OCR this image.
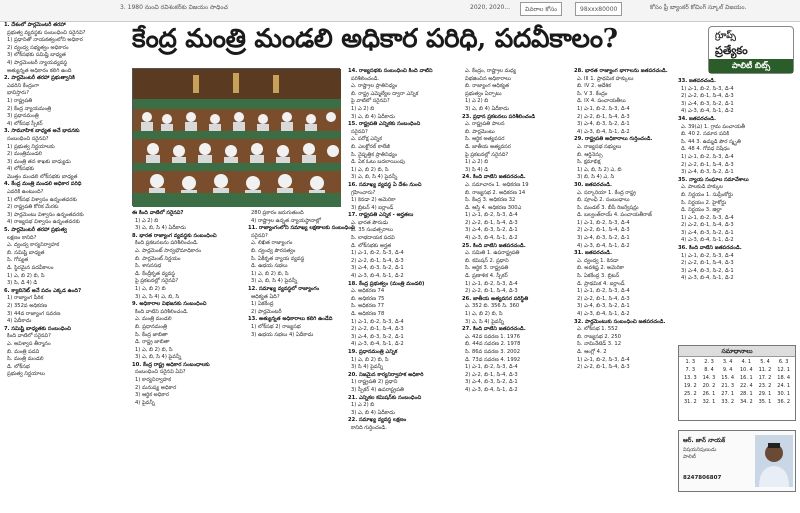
3. 1980 నుంచి రవిశంకర్‌కు విజయం సాధించ	2020, 2020...	వివరాల కోసం	98xxx80000	కోసం ఫ్రీ బ్యాంకర్ కోచింగ్ స్కూల్ విజయం.
కేంద్ర మంత్రి మండలి అధికార పరిధి, పదవీకాలం?	గ్రూప్స్
ప్రత్యేకం
పాలిటీ బిట్స్

1. దేశంలో పార్లమెంటరీ తరహా

ప్రభుత్వ వ్యవస్థకు సంబంధించి సరైనవి?

1) ప్రధానితో నాయకత్వంలోని అధికార

2) ద్వంద్వ సభ్యత్వం అధికారం

3) లోక్‌సభకు సమిష్టి బాధ్యత

4) పార్లమెంటరీ న్యాయవ్యవస్థ

అత్యున్నత అధికారం కలిగి ఉంది

2. పార్లమెంటరీ తరహా ప్రభుత్వానికి

ఎవరిని కేంద్రంగా

భావిస్తారు?

1) రాష్ట్రపతి

2) కేంద్ర న్యాయమంత్రి

3) ప్రధానమంత్రి

4) లోక్‌సభ స్పీకర్

3. సామూహిక బాధ్యత అనే భావనకు

సంబంధించి సరైనవి?

1) ప్రభుత్వ నిర్ణయాలకు

2) మంత్రిమండలి

3) మంత్రి తన శాఖకు బాధ్యుడు

4) లోక్‌సభకు

మొత్తం మండలి లోక్‌సభకు బాధ్యత

4. కేంద్ర మంత్రి మండలి అధికార పరిధి

ఎవరికి ఉంటుంది?

1) లోక్‌సభ విశ్వాసం ఉన్నంతవరకు

2) రాష్ట్రపతి కోరిక మేరకు

3) పార్లమెంటు విశ్వాసం ఉన్నంతవరకు

4) రాజ్యసభ విశ్వాసం ఉన్నంతవరకు

5. పార్లమెంటరీ తరహా ప్రభుత్వ

లక్షణం కానిది?

ఎ. ద్వంద్వ కార్యనిర్వాహక

బి. సమిష్టి బాధ్యత

సి. గోప్యత

డి. స్థిరమైన పదవీకాలం

1) ఎ, బి 2) బి, సి

3) సి, డి 4) డి

6. క్యాబినెట్ అనే పదం ఎక్కడ ఉంది?

1) రాజ్యాంగ పీఠిక

2) 352వ అధికరణ

3) 44వ రాజ్యాంగ సవరణ

4) ఏదీకాదు

7. సమిష్టి బాధ్యతకు సంబంధించి

కింది వాటిలో సరైనవి?

ఎ. అవిశ్వాస తీర్మానం

బి. మంత్రి పదవి

సి. మంత్రి మండలి

డి. లోక్‌సభ

ప్రభుత్వ నిర్ణయాలు

ఈ కింది వాటిలో సరైనవి?

1) ఎ 2) బి

3) ఎ, బి, సి 4) ఏదీకాదు

8. భారత రాజ్యాంగ వ్యవస్థకు సంబంధించి

కింది ప్రకటనలను పరిశీలించండి.

ఎ. పార్లమెంట్ సార్వభౌమాధికారం

బి. పార్లమెంట్ నిర్ణయం

సి. శాసనసభ

డి. కేంద్రీకృత వ్యవస్థ

పై ప్రకటనల్లో సరైనవి?

1) ఎ, బి 2) బి

3) ఎ, సి 4) ఎ, బి, సి

9. అధికారాల విభజనకు సంబంధించి

కింది వాటిని పరిశీలించండి.

ఎ. మంత్రి మండలి

బి. ప్రధానమంత్రి

సి. కేంద్ర జాబితా

డి. రాష్ట్ర జాబితా

1) ఎ, బి 2) బి, సి

3) ఎ, బి, సి 4) పైవన్నీ

10. కేంద్ర రాష్ట్ర అధికార సంబంధాలకు

సంబంధించి సరైనవి ఏవి?

1) కార్యనిర్వాహక

2) మనుష్య అధికార

3) ఆర్థిక అధికార

4) పైవన్నీ

280 ప్రకారం జరుగుతుంది

4) రాష్ట్రాల ఉన్నత న్యాయస్థానాల్లో

11. రాజ్యాంగంలోని సమాఖ్య లక్షణాలకు సంబంధించి

సరైనవి?

ఎ. లిఖిత రాజ్యాంగం

బి. ద్వంద్వ పౌరసత్వం

సి. ఏకీకృత న్యాయ వ్యవస్థ

డి. ఉభయ సభలు

1) ఎ, బి 2) బి, సి

3) ఎ, బి, సి 4) పైవన్నీ

12. సమాఖ్య వ్యవస్థలో రాజ్యాంగం

ఆధిక్యత ఏది?

1) ఏకకేంద్ర

2) పార్లమెంటరీ

13. అత్యున్నత అధికారాలు కలిగి ఉండేది

1) లోక్‌సభ 2) రాజ్యసభ

3) ఉభయ సభలు 4) ఏదీకాదు

14. రాజ్యసభకు సంబంధించి కింది వాటిని

పరిశీలించండి.

ఎ. రాష్ట్రాల ప్రాతినిధ్యం

బి. రాష్ట్ర ఎమ్మెల్యేల ద్వారా ఎన్నిక

పై వాటిలో సరైనవి?

1) ఎ 2) బి

3) ఎ, బి 4) ఏదీకాదు

15. రాష్ట్రపతి ఎన్నికకు సంబంధించి

సరైనవి?

ఎ. పరోక్ష ఎన్నిక

బి. ఎలక్టోరల్ కాలేజీ

సి. నైష్పత్తిక ప్రాతినిధ్యం

డి. ఏక ఓటు బదలాయింపు

1) ఎ, బి 2) బి, సి

3) ఎ, బి, సి 4) పైవన్నీ

16. సమాఖ్య వ్యవస్థ ఏ దేశం నుంచి

గ్రహించారు?

1) కెనడా 2) అమెరికా

3) బ్రిటన్ 4) ఐర్లాండ్

17. రాష్ట్రపతి ఎన్నిక - అర్హతలు

ఎ. భారత పౌరుడు

బి. 35 సంవత్సరాలు

సి. లాభదాయక పదవి

డి. లోక్‌సభకు అర్హత

1) ఎ-1, బి-2, సి-3, డి-4

2) ఎ-2, బి-1, సి-4, డి-3

3) ఎ-4, బి-3, సి-2, డి-1

4) ఎ-3, బి-4, సి-1, డి-2

18. కేంద్ర ప్రభుత్వం (మంత్రి మండలి)

ఎ. అధికరణ 74

బి. అధికరణ 75

సి. అధికరణ 77

డి. అధికరణ 78

1) ఎ-1, బి-2, సి-3, డి-4

2) ఎ-2, బి-1, సి-4, డి-3

3) ఎ-4, బి-3, సి-2, డి-1

4) ఎ-3, బి-4, సి-1, డి-2

19. ప్రధానమంత్రి ఎన్నిక

1) ఎ, బి 2) బి, సి

3) సి 4) పైవన్నీ

20. నిజమైన కార్యనిర్వాహక అధికారి

1) రాష్ట్రపతి 2) ప్రధాని

3) స్పీకర్ 4) ఉపరాష్ట్రపతి

21. ఎన్నికల కమిషన్‌కు సంబంధించి

1) ఎ 2) బి

3) ఎ, బి 4) ఏదీకాదు

22. సమాఖ్య వ్యవస్థ లక్షణం

కానిది గుర్తించండి.

ఎ. కేంద్రం, రాష్ట్రాల మధ్య

విభజించిన అధికారాలు

బి. రాజ్యాంగ ఆధిక్యత

ప్రభుత్వం ఏర్పాటు

1) ఎ 2) బి

3) ఎ, బి 4) ఏదీకాదు

23. ప్రధాన ప్రకటనలు పరిశీలించండి

ఎ. రాష్ట్రపతి పాలన

బి. పార్లమెంటు

సి. ఆర్థిక అత్యవసర

డి. జాతీయ అత్యవసర

పై ప్రకటనల్లో సరైనది?

1) ఎ 2) బి

3) సి 4) డి

24. కింది వాటిని జతపరచండి.

ఎ. సమాచారం 1. అధికరణ 19

బి. రాజ్యసభ 2. అధికరణ 14

సి. కేంద్ర 3. అధికరణ 32

డి. ఆస్తి 4. అధికరణ 300ఎ

1) ఎ-1, బి-2, సి-3, డి-4

2) ఎ-2, బి-1, సి-4, డి-3

3) ఎ-4, బి-3, సి-2, డి-1

4) ఎ-3, బి-4, సి-1, డి-2

25. కింది వాటిని జతపరచండి.

ఎ. సమితి 1. ఉపరాష్ట్రపతి

బి. కమిషన్ 2. ప్రధాని

సి. ఆర్థిక 3. రాష్ట్రపతి

డి. ప్రణాళిక 4. స్పీకర్

1) ఎ-1, బి-2, సి-3, డి-4

2) ఎ-2, బి-1, సి-4, డి-3

26. జాతీయ అత్యవసర పరిస్థితి

ఎ. 352 బి. 356 సి. 360

1) ఎ, బి 2) బి, సి

3) ఎ, సి 4) పైవన్నీ

27. కింది వాటిని జతపరచండి.

ఎ. 42వ సవరణ 1. 1976

బి. 44వ సవరణ 2. 1978

సి. 86వ సవరణ 3. 2002

డి. 73వ సవరణ 4. 1992

1) ఎ-1, బి-2, సి-3, డి-4

2) ఎ-2, బి-1, సి-4, డి-3

3) ఎ-4, బి-3, సి-2, డి-1

4) ఎ-3, బి-4, సి-1, డి-2

28. భారత రాజ్యాంగ భాగాలను జతపరచండి.

ఎ. III 1. ప్రాథమిక హక్కులు

బి. IV 2. ఆదేశిక

సి. V 3. కేంద్రం

డి. IX 4. పంచాయతీలు

1) ఎ-1, బి-2, సి-3, డి-4

2) ఎ-2, బి-1, సి-4, డి-3

3) ఎ-4, బి-3, సి-2, డి-1

4) ఎ-3, బి-4, సి-1, డి-2

29. రాష్ట్రపతి అధికారాలు గుర్తించండి.

ఎ. రాజ్యసభ సభ్యులు

బి. ఆర్డినెన్సు

సి. క్షమాభిక్ష

1) ఎ, బి, సి 2) ఎ, బి

3) బి, సి 4) ఎ, సి

30. జతపరచండి.

ఎ. సర్కారియా 1. కేంద్ర రాష్ట్ర

బి. పూంఛీ 2. సంబంధాలు

సి. మండల్ 3. బీసీ రిజర్వేషన్లు

డి. బల్వంత్‌రాయ్ 4. పంచాయతీరాజ్

1) ఎ-1, బి-2, సి-3, డి-4

2) ఎ-2, బి-1, సి-4, డి-3

3) ఎ-4, బి-3, సి-2, డి-1

4) ఎ-3, బి-4, సి-1, డి-2

31. జతపరచండి.

ఎ. ద్వంద్వ 1. కెనడా

బి. అవశిష్ట 2. అమెరికా

సి. ఏకకేంద్ర 3. బ్రిటన్

డి. ప్రాథమిక 4. ఐర్లాండ్

1) ఎ-1, బి-2, సి-3, డి-4

2) ఎ-2, బి-1, సి-4, డి-3

3) ఎ-4, బి-3, సి-2, డి-1

4) ఎ-3, బి-4, సి-1, డి-2

32. పార్లమెంటుకు సంబంధించి జతపరచండి.

ఎ. లోక్‌సభ 1. 552

బి. రాజ్యసభ 2. 250

సి. నామినేటెడ్ 3. 12

డి. ఆంగ్లో 4. 2

1) ఎ-1, బి-2, సి-3, డి-4

2) ఎ-2, బి-1, సి-4, డి-3

33. జతపరచండి.

1) ఎ-1, బి-2, సి-3, డి-4

2) ఎ-2, బి-1, సి-4, డి-3

3) ఎ-4, బి-3, సి-2, డి-1

4) ఎ-3, బి-4, సి-1, డి-2

34. జతపరచండి.

ఎ. 39(ఎ) 1. గ్రామ పంచాయతీ

బి. 40 2. సమాన పనికి

సి. 44 3. ఉమ్మడి పౌర స్మృతి

డి. 48 4. గోవధ నిషేధం

1) ఎ-1, బి-2, సి-3, డి-4

2) ఎ-2, బి-1, సి-4, డి-3

3) ఎ-4, బి-3, సి-2, డి-1

35. న్యాయ సంఘాల సమావేశాలు

ఎ. పాలకుడి హక్కుల

బి. నిర్ణయం 1. సుప్రీంకోర్టు

సి. నిర్ణయం 2. హైకోర్టు

డి. నిర్ణయం 3. జిల్లా

1) ఎ-1, బి-2, సి-3, డి-4

2) ఎ-2, బి-1, సి-4, డి-3

3) ఎ-4, బి-3, సి-2, డి-1

4) ఎ-3, బి-4, సి-1, డి-2

36. కింది వాటిని జతపరచండి.

1) ఎ-1, బి-2, సి-3, డి-4

2) ఎ-2, బి-1, సి-4, డి-3

3) ఎ-4, బి-3, సి-2, డి-1

4) ఎ-3, బి-4, సి-1, డి-2

సమాధానాలు
1. 3	2. 3	3. 4	4. 1	5. 4	6. 3
7. 3	8. 4	9. 4	10. 4	11. 2	12. 1
13. 3	14. 3	15. 4	16. 1	17. 2	18. 4
19. 2	20. 2	21. 3	22. 4	23. 2	24. 1
25. 2	26. 1	27. 1	28. 1	29. 1	30. 1
31. 2	32. 1	33. 2	34. 2	35. 1	36. 2
ఆర్. జాన్ నాయక్
విషయనిపుణుడు
పాలిటీ
8247806807
